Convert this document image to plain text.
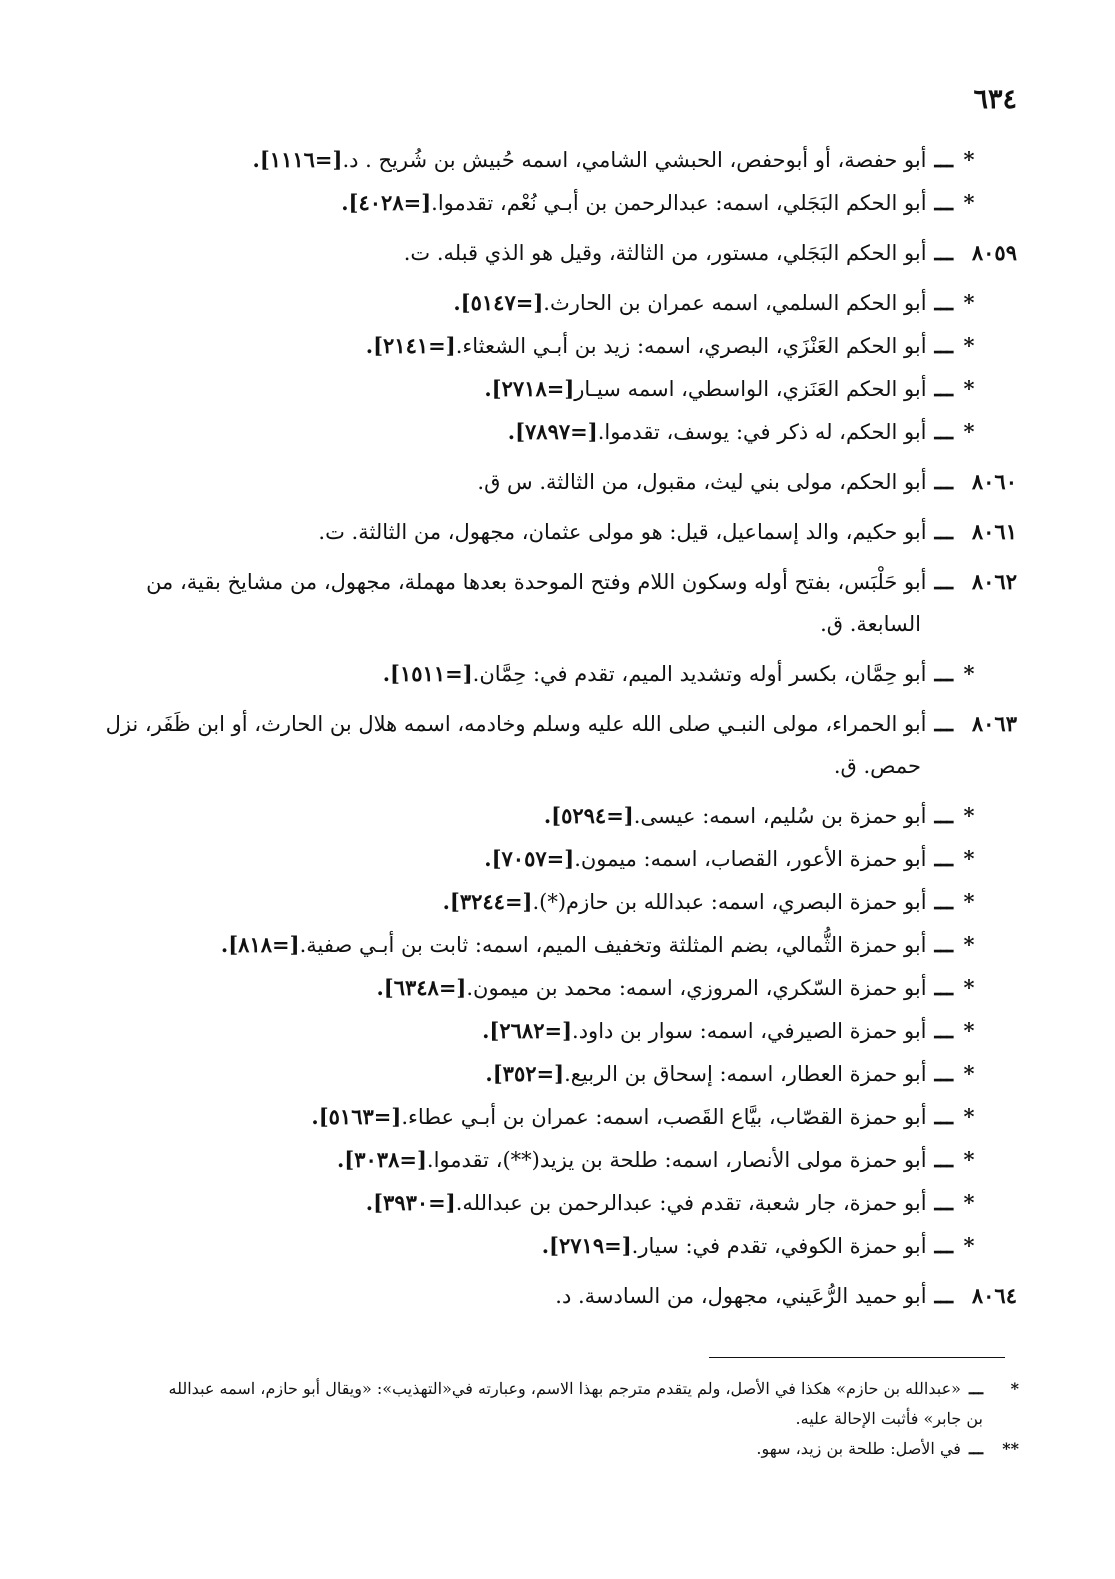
٦٣٤
*
ـــ
أبو حفصة، أو أبوحفص، الحبشي الشامي، اسمه حُبيش بن شُريح . د.
[=١١١٦].
*
ـــ
أبو الحكم البَجَلي، اسمه: عبدالرحمن بن أبـي نُعْم، تقدموا.
[=٤٠٢٨].
٨٠٥٩
ـــ
أبو الحكم البَجَلي، مستور، من الثالثة، وقيل هو الذي قبله. ت.
*
ـــ
أبو الحكم السلمي، اسمه عمران بن الحارث.
[=٥١٤٧].
*
ـــ
أبو الحكم العَنْزَي، البصري، اسمه: زيد بن أبـي الشعثاء.
[=٢١٤١].
*
ـــ
أبو الحكم العَنَزي، الواسطي، اسمه سيـار
[=٢٧١٨].
*
ـــ
أبو الحكم، له ذكر في: يوسف، تقدموا.
[=٧٨٩٧].
٨٠٦٠
ـــ
أبو الحكم، مولى بني ليث، مقبول، من الثالثة. س ق.
٨٠٦١
ـــ
أبو حكيم، والد إسماعيل، قيل: هو مولى عثمان، مجهول، من الثالثة. ت.
٨٠٦٢
ـــ
أبو حَلْبَس، بفتح أوله وسكون اللام وفتح الموحدة بعدها مهملة، مجهول، من مشايخ بقية، من
السابعة. ق.
*
ـــ
أبو حِمَّان، بكسر أوله وتشديد الميم، تقدم في: حِمَّان.
[=١٥١١].
٨٠٦٣
ـــ
أبو الحمراء، مولى النبـي صلى الله عليه وسلم وخادمه، اسمه هلال بن الحارث، أو ابن ظَفَر، نزل
حمص. ق.
*
ـــ
أبو حمزة بن سُليم، اسمه: عيسى.
[=٥٢٩٤].
*
ـــ
أبو حمزة الأعور، القصاب، اسمه: ميمون.
[=٧٠٥٧].
*
ـــ
أبو حمزة البصري، اسمه: عبدالله بن حازم(*).
[=٣٢٤٤].
*
ـــ
أبو حمزة الثُّمالي، بضم المثلثة وتخفيف الميم، اسمه: ثابت بن أبـي صفية.
[=٨١٨].
*
ـــ
أبو حمزة السّكري، المروزي، اسمه: محمد بن ميمون.
[=٦٣٤٨].
*
ـــ
أبو حمزة الصيرفي، اسمه: سوار بن داود.
[=٢٦٨٢].
*
ـــ
أبو حمزة العطار، اسمه: إسحاق بن الربيع.
[=٣٥٢].
*
ـــ
أبو حمزة القصّاب، بيَّاع القَصب، اسمه: عمران بن أبـي عطاء.
[=٥١٦٣].
*
ـــ
أبو حمزة مولى الأنصار، اسمه: طلحة بن يزيد(**)، تقدموا.
[=٣٠٣٨].
*
ـــ
أبو حمزة، جار شعبة، تقدم في: عبدالرحمن بن عبدالله.
[=٣٩٣٠].
*
ـــ
أبو حمزة الكوفي، تقدم في: سيار.
[=٢٧١٩].
٨٠٦٤
ـــ
أبو حميد الرُّعَيني، مجهول، من السادسة. د.
*
ـــ
«عبدالله بن حازم» هكذا في الأصل، ولم يتقدم مترجم بهذا الاسم، وعبارته في«التهذيب»: «ويقال أبو حازم، اسمه عبدالله
بن جابر» فأثبت الإحالة عليه.
**
ـــ
في الأصل: طلحة بن زيد، سهو.
